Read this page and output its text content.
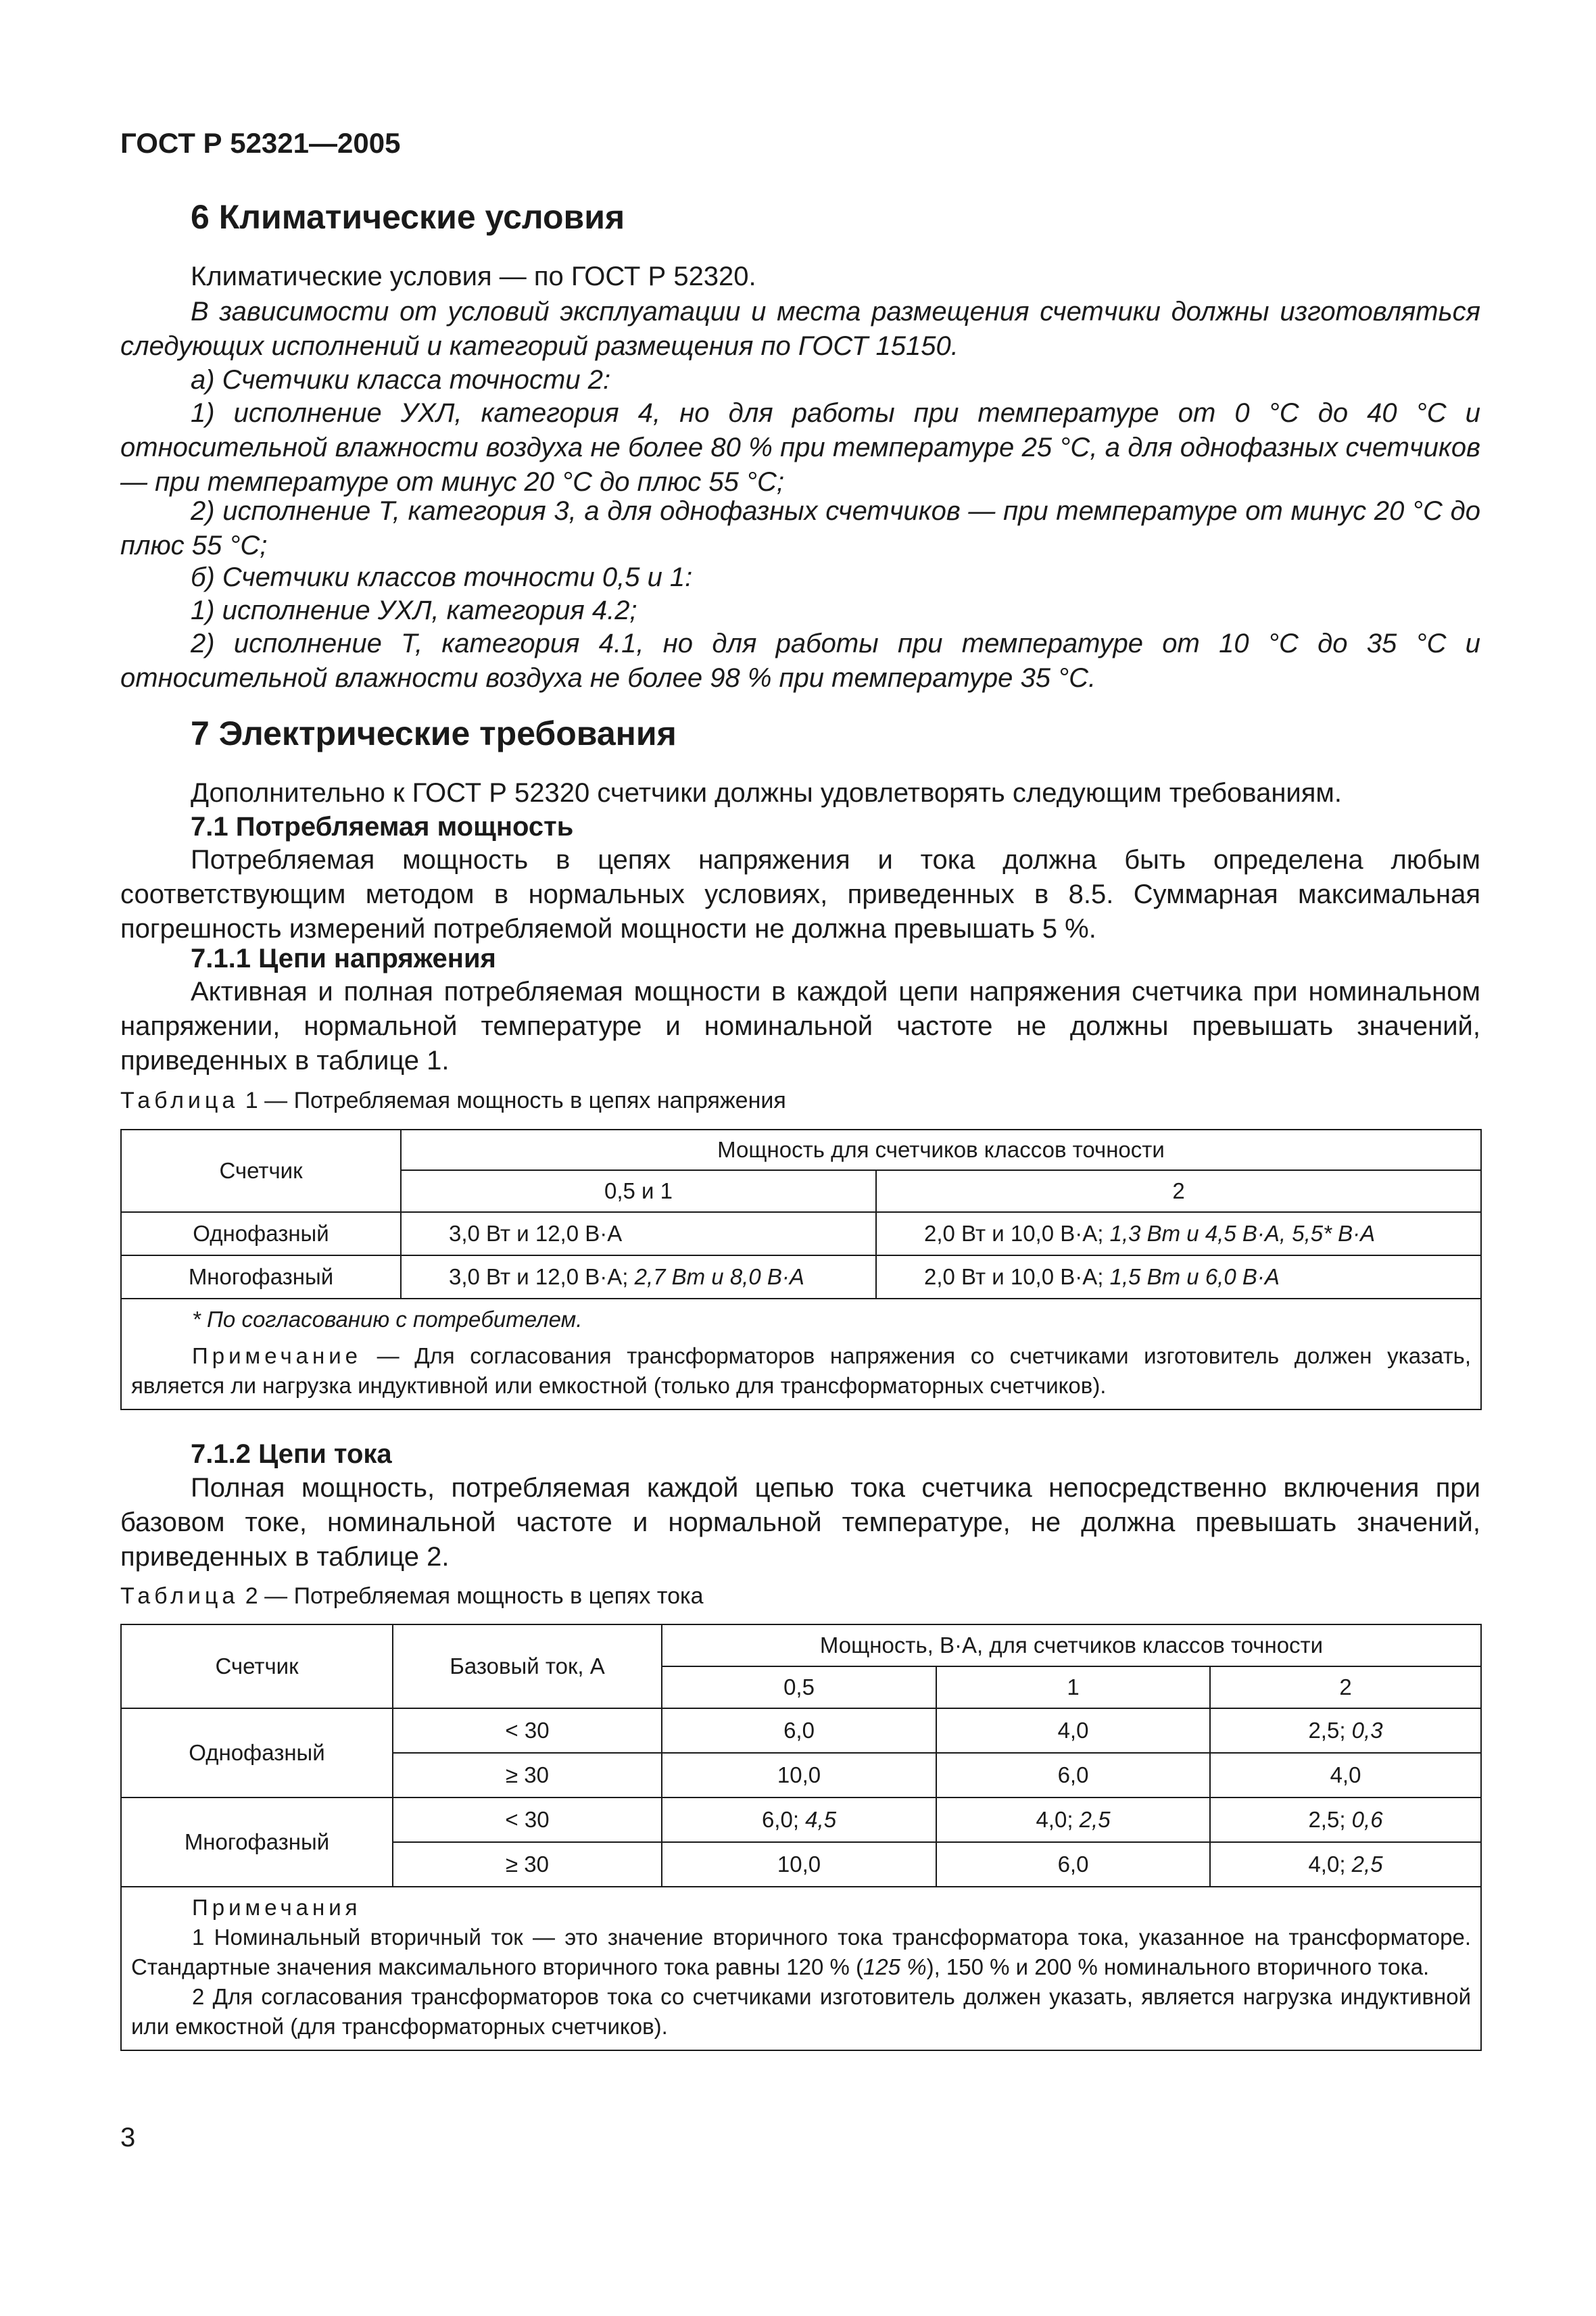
ГОСТ Р 52321—2005
6 Климатические условия

Климатические условия — по ГОСТ Р 52320.

В зависимости от условий эксплуатации и места размещения счетчики должны изготовляться следующих исполнений и категорий размещения по ГОСТ 15150.

а) Счетчики класса точности 2:

1) исполнение УХЛ, категория 4, но для работы при температуре от 0 °С до 40 °С и относительной влажности воздуха не более 80 % при температуре 25 °С, а для однофазных счетчиков — при температуре от минус 20 °С до плюс 55 °С;

2) исполнение Т, категория 3, а для однофазных счетчиков — при температуре от минус 20 °С до плюс 55 °С;

б) Счетчики классов точности 0,5 и 1:

1) исполнение УХЛ, категория 4.2;

2) исполнение Т, категория 4.1, но для работы при температуре от 10 °С до 35 °С и относительной влажности воздуха не более 98 % при температуре 35 °С.

7 Электрические требования

Дополнительно к ГОСТ Р 52320 счетчики должны удовлетворять следующим требованиям.

7.1 Потребляемая мощность

Потребляемая мощность в цепях напряжения и тока должна быть определена любым соответствующим методом в нормальных условиях, приведенных в 8.5. Суммарная максимальная погрешность измерений потребляемой мощности не должна превышать 5 %.

7.1.1 Цепи напряжения

Активная и полная потребляемая мощности в каждой цепи напряжения счетчика при номинальном напряжении, нормальной температуре и номинальной частоте не должны превышать значений, приведенных в таблице 1.

Таблица 1 — Потребляемая мощность в цепях напряжения
Счетчик	Мощность для счетчиков классов точности	
	0,5 и 1	2
Однофазный	3,0 Вт и 12,0 В·А	2,0 Вт и 10,0 В·А; 1,3 Вт и 4,5 В·А, 5,5* В·А
Многофазный	3,0 Вт и 12,0 В·А; 2,7 Вт и 8,0 В·А	2,0 Вт и 10,0 В·А; 1,5 Вт и 6,0 В·А

* По согласованию с потребителем.
Примечание — Для согласования трансформаторов напряжения со счетчиками изготовитель должен указать, является ли нагрузка индуктивной или емкостной (только для трансформаторных счетчиков).		
7.1.2 Цепи тока

Полная мощность, потребляемая каждой цепью тока счетчика непосредственно включения при базовом токе, номинальной частоте и нормальной температуре, не должна превышать значений, приведенных в таблице 2.

Таблица 2 — Потребляемая мощность в цепях тока
Счетчик	Базовый ток, А	Мощность, В·А, для счетчиков классов точности		
		0,5	1	2
Однофазный	< 30	6,0	4,0	2,5; 0,3
	≥ 30	10,0	6,0	4,0
Многофазный	< 30	6,0; 4,5	4,0; 2,5	2,5; 0,6
	≥ 30	10,0	6,0	4,0; 2,5

Примечания
1 Номинальный вторичный ток — это значение вторичного тока трансформатора тока, указанное на трансформаторе. Стандартные значения максимального вторичного тока равны 120 % (125 %), 150 % и 200 % номинального вторичного тока.
2 Для согласования трансформаторов тока со счетчиками изготовитель должен указать, является нагрузка индуктивной или емкостной (для трансформаторных счетчиков).				
3
